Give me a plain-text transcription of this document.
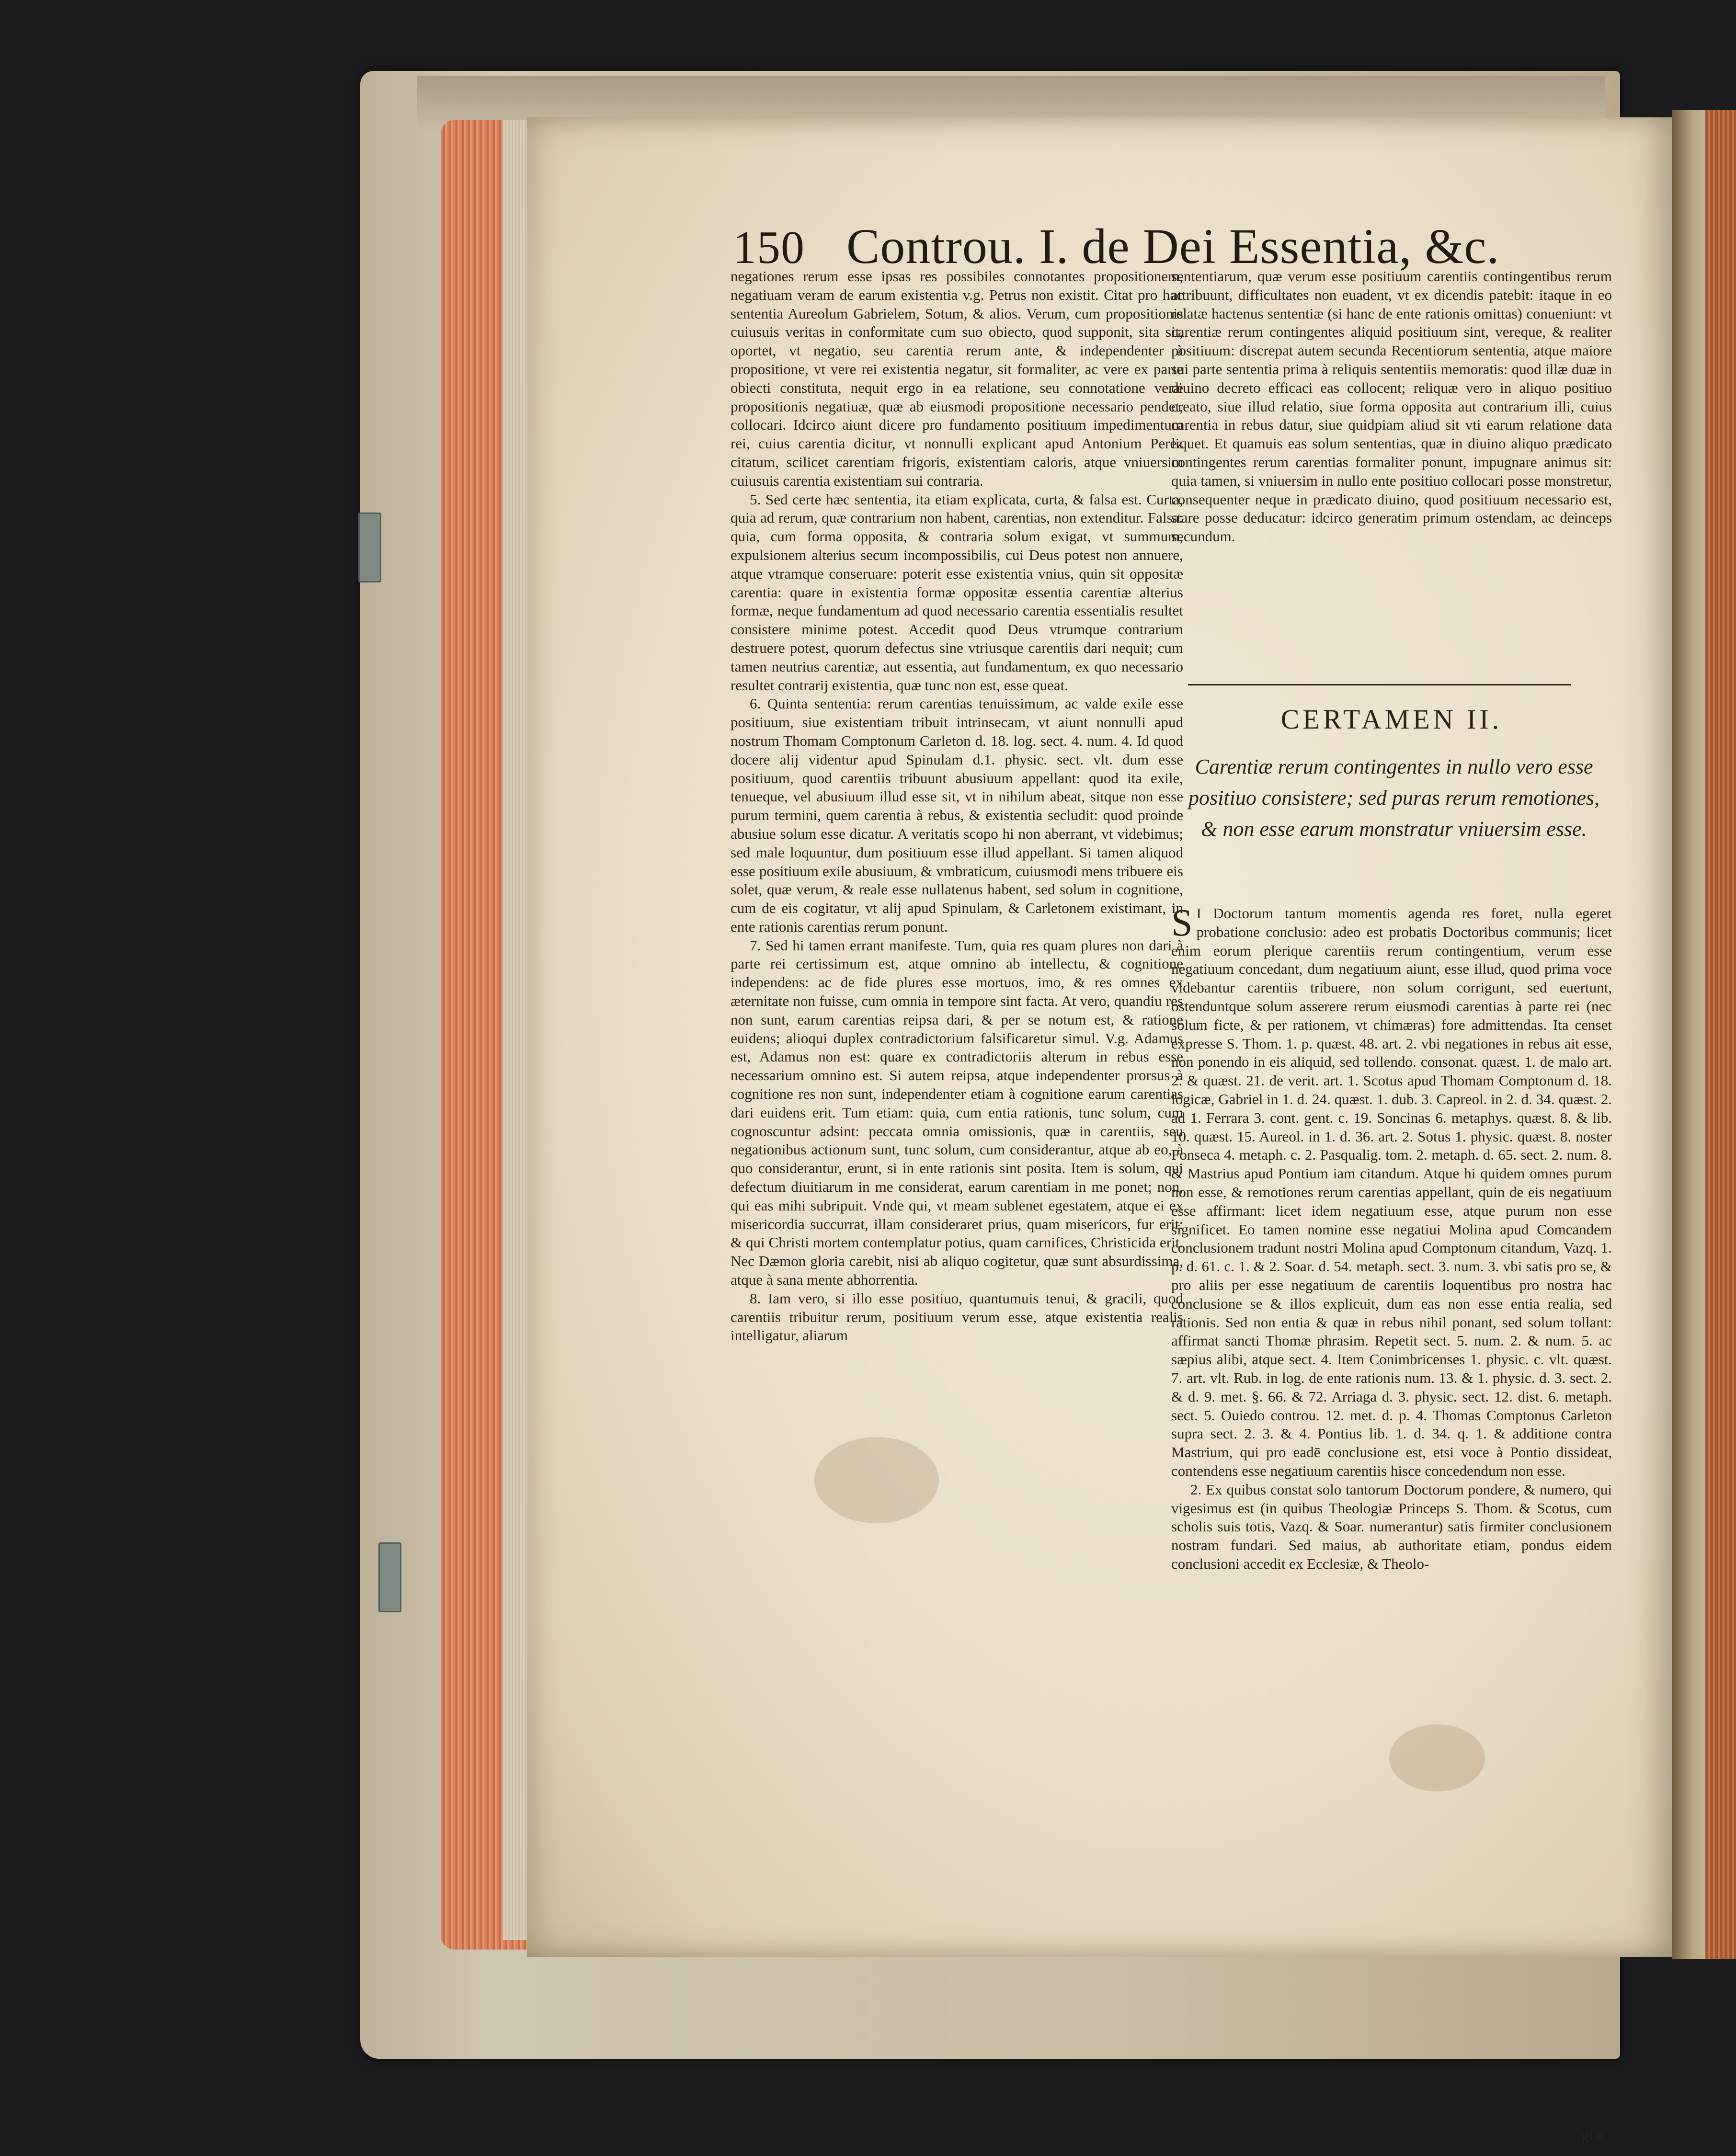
150 Controu. I. de Dei Essentia, &c.

negationes rerum esse ipsas res possibiles connotantes propositionem, negatiuam veram de earum existentia v.g. Petrus non existit. Citat pro hac sententia Aureolum Gabrielem, Sotum, & alios. Verum, cum propositionis cuiusuis veritas in conformitate cum suo obiecto, quod supponit, sita sit, oportet, vt negatio, seu carentia rerum ante, & independenter à propositione, vt vere rei existentia negatur, sit formaliter, ac vere ex parte obiecti constituta, nequit ergo in ea relatione, seu connotatione veræ propositionis negatiuæ, quæ ab eiusmodi propositione necessario pendet, collocari. Idcirco aiunt dicere pro fundamento positiuum impedimentum rei, cuius carentia dicitur, vt nonnulli explicant apud Antonium Perez citatum, scilicet carentiam frigoris, existentiam caloris, atque vniuersim cuiusuis carentia existentiam sui contraria.

5. Sed certe hæc sententia, ita etiam explicata, curta, & falsa est. Curta, quia ad rerum, quæ contrarium non habent, carentias, non extenditur. Falsa: quia, cum forma opposita, & contraria solum exigat, vt summum, expulsionem alterius secum incompossibilis, cui Deus potest non annuere, atque vtramque conseruare: poterit esse existentia vnius, quin sit oppositæ carentia: quare in existentia formæ oppositæ essentia carentiæ alterius formæ, neque fundamentum ad quod necessario carentia essentialis resultet consistere minime potest. Accedit quod Deus vtrumque contrarium destruere potest, quorum defectus sine vtriusque carentiis dari nequit; cum tamen neutrius carentiæ, aut essentia, aut fundamentum, ex quo necessario resultet contrarij existentia, quæ tunc non est, esse queat.

6. Quinta sententia: rerum carentias tenuissimum, ac valde exile esse positiuum, siue existentiam tribuit intrinsecam, vt aiunt nonnulli apud nostrum Thomam Comptonum Carleton d. 18. log. sect. 4. num. 4. Id quod docere alij videntur apud Spinulam d.1. physic. sect. vlt. dum esse positiuum, quod carentiis tribuunt abusiuum appellant: quod ita exile, tenueque, vel abusiuum illud esse sit, vt in nihilum abeat, sitque non esse purum termini, quem carentia à rebus, & existentia secludit: quod proinde abusiue solum esse dicatur. A veritatis scopo hi non aberrant, vt videbimus; sed male loquuntur, dum positiuum esse illud appellant. Si tamen aliquod esse positiuum exile abusiuum, & vmbraticum, cuiusmodi mens tribuere eis solet, quæ verum, & reale esse nullatenus habent, sed solum in cognitione, cum de eis cogitatur, vt alij apud Spinulam, & Carletonem existimant, in ente rationis carentias rerum ponunt.

7. Sed hi tamen errant manifeste. Tum, quia res quam plures non dari à parte rei certissimum est, atque omnino ab intellectu, & cognitione independens: ac de fide plures esse mortuos, imo, & res omnes ex æternitate non fuisse, cum omnia in tempore sint facta. At vero, quandiu res non sunt, earum carentias reipsa dari, & per se notum est, & ratione euidens; alioqui duplex contradictorium falsificaretur simul. V.g. Adamus est, Adamus non est: quare ex contradictoriis alterum in rebus esse necessarium omnino est. Si autem reipsa, atque independenter prorsus à cognitione res non sunt, independenter etiam à cognitione earum carentias dari euidens erit. Tum etiam: quia, cum entia rationis, tunc solum, cum cognoscuntur adsint: peccata omnia omissionis, quæ in carentiis, seu negationibus actionum sunt, tunc solum, cum considerantur, atque ab eo, à quo considerantur, erunt, si in ente rationis sint posita. Item is solum, qui defectum diuitiarum in me considerat, earum carentiam in me ponet; non, qui eas mihi subripuit. Vnde qui, vt meam sublenet egestatem, atque ei ex misericordia succurrat, illam consideraret prius, quam misericors, fur erit: & qui Christi mortem contemplatur potius, quam carnifices, Christicida erit. Nec Dæmon gloria carebit, nisi ab aliquo cogitetur, quæ sunt absurdissima, atque à sana mente abhorrentia.

8. Iam vero, si illo esse positiuo, quantumuis tenui, & gracili, quod carentiis tribuitur rerum, positiuum verum esse, atque existentia realis intelligatur, aliarum

sententiarum, quæ verum esse positiuum carentiis contingentibus rerum attribuunt, difficultates non euadent, vt ex dicendis patebit: itaque in eo relatæ hactenus sententiæ (si hanc de ente rationis omittas) conueniunt: vt carentiæ rerum contingentes aliquid positiuum sint, vereque, & realiter positiuum: discrepat autem secunda Recentiorum sententia, atque maiore sui parte sententia prima à reliquis sententiis memoratis: quod illæ duæ in diuino decreto efficaci eas collocent; reliquæ vero in aliquo positiuo creato, siue illud relatio, siue forma opposita aut contrarium illi, cuius carentia in rebus datur, siue quidpiam aliud sit vti earum relatione data liquet. Et quamuis eas solum sententias, quæ in diuino aliquo prædicato contingentes rerum carentias formaliter ponunt, impugnare animus sit: quia tamen, si vniuersim in nullo ente positiuo collocari posse monstretur, consequenter neque in prædicato diuino, quod positiuum necessario est, stare posse deducatur: idcirco generatim primum ostendam, ac deinceps secundum.

CERTAMEN II.
Carentiæ rerum contingentes in nullo vero esse positiuo consistere; sed puras rerum remotiones, & non esse earum monstratur vniuersim esse.

S I Doctorum tantum momentis agenda res foret, nulla egeret probatione conclusio: adeo est probatis Doctoribus communis; licet enim eorum plerique carentiis rerum contingentium, verum esse negatiuum concedant, dum negatiuum aiunt, esse illud, quod prima voce videbantur carentiis tribuere, non solum corrigunt, sed euertunt, ostenduntque solum asserere rerum eiusmodi carentias à parte rei (nec solum ficte, & per rationem, vt chimæras) fore admittendas. Ita censet expresse S. Thom. 1. p. quæst. 48. art. 2. vbi negationes in rebus ait esse, non ponendo in eis aliquid, sed tollendo. consonat. quæst. 1. de malo art. 2. & quæst. 21. de verit. art. 1. Scotus apud Thomam Comptonum d. 18. logicæ, Gabriel in 1. d. 24. quæst. 1. dub. 3. Capreol. in 2. d. 34. quæst. 2. ad 1. Ferrara 3. cont. gent. c. 19. Soncinas 6. metaphys. quæst. 8. & lib. 10. quæst. 15. Aureol. in 1. d. 36. art. 2. Sotus 1. physic. quæst. 8. noster Fonseca 4. metaph. c. 2. Pasqualig. tom. 2. metaph. d. 65. sect. 2. num. 8. & Mastrius apud Pontium iam citandum. Atque hi quidem omnes purum non esse, & remotiones rerum carentias appellant, quin de eis negatiuum esse affirmant: licet idem negatiuum esse, atque purum non esse significet. Eo tamen nomine esse negatiui Molina apud Comcandem conclusionem tradunt nostri Molina apud Comptonum citandum, Vazq. 1. p. d. 61. c. 1. & 2. Soar. d. 54. metaph. sect. 3. num. 3. vbi satis pro se, & pro aliis per esse negatiuum de carentiis loquentibus pro nostra hac conclusione se & illos explicuit, dum eas non esse entia realia, sed rationis. Sed non entia & quæ in rebus nihil ponant, sed solum tollant: affirmat sancti Thomæ phrasim. Repetit sect. 5. num. 2. & num. 5. ac sæpius alibi, atque sect. 4. Item Conimbricenses 1. physic. c. vlt. quæst. 7. art. vlt. Rub. in log. de ente rationis num. 13. & 1. physic. d. 3. sect. 2. & d. 9. met. §. 66. & 72. Arriaga d. 3. physic. sect. 12. dist. 6. metaph. sect. 5. Ouiedo controu. 12. met. d. p. 4. Thomas Comptonus Carleton supra sect. 2. 3. & 4. Pontius lib. 1. d. 34. q. 1. & additione contra Mastrium, qui pro eadē conclusione est, etsi voce à Pontio dissideat, contendens esse negatiuum carentiis hisce concedendum non esse.

2. Ex quibus constat solo tantorum Doctorum pondere, & numero, qui vigesimus est (in quibus Theologiæ Princeps S. Thom. & Scotus, cum scholis suis totis, Vazq. & Soar. numerantur) satis firmiter conclusionem nostram fundari. Sed maius, ab authoritate etiam, pondus eidem conclusioni accedit ex Ecclesiæ, & Theolo-

giæ
